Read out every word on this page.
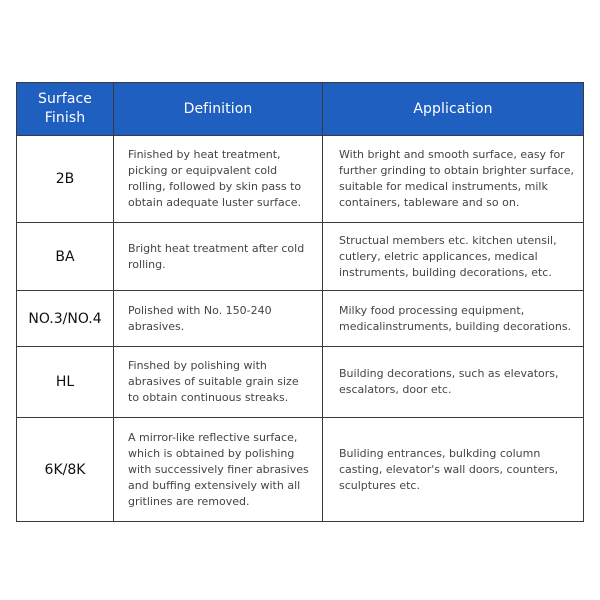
Surface
Finish	Definition	Application
2B	Finished by heat treatment, picking or equipvalent cold rolling, followed by skin pass to obtain adequate luster surface.	With bright and smooth surface, easy for further grinding to obtain brighter surface, suitable for medical instruments, milk containers, tableware and so on.
BA	Bright heat treatment after cold rolling.	Structual members etc. kitchen utensil, cutlery, eletric applicances, medical instruments, building decorations, etc.
NO.3/NO.4	Polished with No. 150-240 abrasives.	Milky food processing equipment, medicalinstruments, building decorations.
HL	Finshed by polishing with abrasives of suitable grain size to obtain continuous streaks.	Building decorations, such as elevators, escalators, door etc.
6K/8K	A mirror-like reflective surface, which is obtained by polishing with successively finer abrasives and buffing extensively with all gritlines are removed.	Buliding entrances, bulkding column casting, elevator's wall doors, counters, sculptures etc.
